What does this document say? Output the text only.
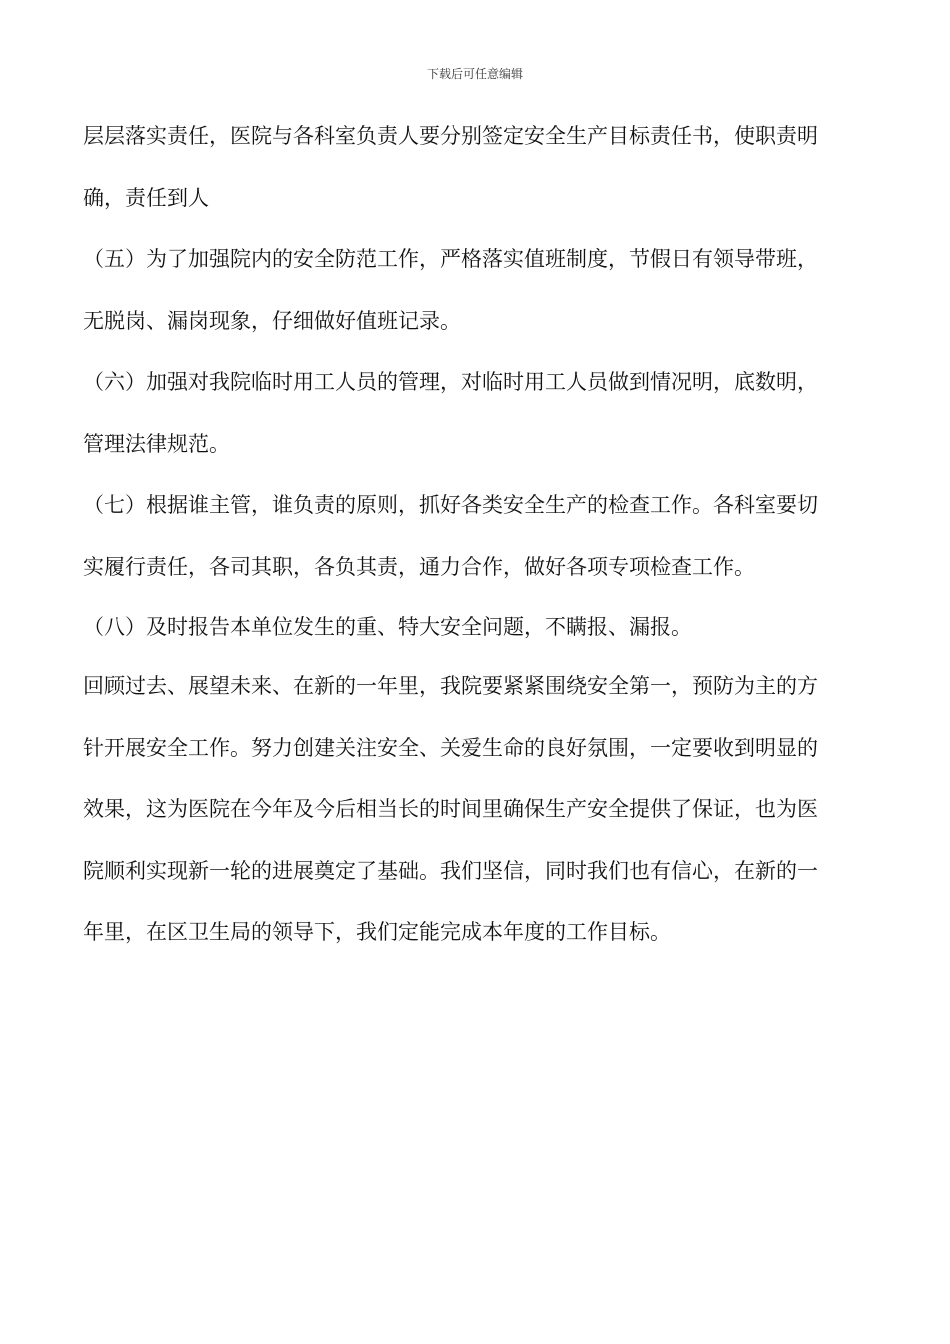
下载后可任意编辑
层层落实责任，医院与各科室负责人要分别签定安全生产目标责任书，使职责明
确，责任到人
（五）为了加强院内的安全防范工作，严格落实值班制度，节假日有领导带班，
无脱岗、漏岗现象，仔细做好值班记录。
（六）加强对我院临时用工人员的管理，对临时用工人员做到情况明，底数明，
管理法律规范。
（七）根据谁主管，谁负责的原则，抓好各类安全生产的检查工作。各科室要切
实履行责任，各司其职，各负其责，通力合作，做好各项专项检查工作。
（八）及时报告本单位发生的重、特大安全问题，不瞒报、漏报。
回顾过去、展望未来、在新的一年里，我院要紧紧围绕安全第一，预防为主的方
针开展安全工作。努力创建关注安全、关爱生命的良好氛围，一定要收到明显的
效果，这为医院在今年及今后相当长的时间里确保生产安全提供了保证，也为医
院顺利实现新一轮的进展奠定了基础。我们坚信，同时我们也有信心，在新的一
年里，在区卫生局的领导下，我们定能完成本年度的工作目标。
